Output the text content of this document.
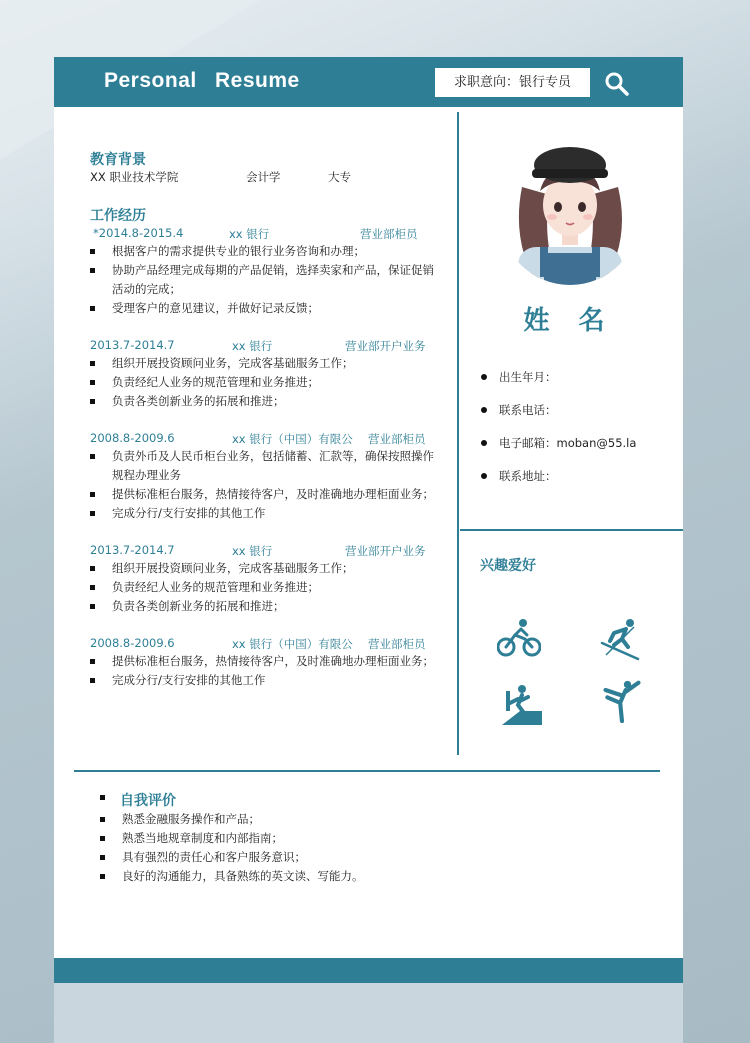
Personal Resume	求职意向：银行专员
教育背景
XX 职业技术学院	会计学	大专
工作经历
*2014.8-2015.4	xx 银行	营业部柜员
根据客户的需求提供专业的银行业务咨询和办理；
协助产品经理完成每期的产品促销，选择卖家和产品，保证促销活动的完成；
受理客户的意见建议，并做好记录反馈；
2013.7-2014.7	xx 银行	营业部开户业务
组织开展投资顾问业务，完成客基础服务工作；
负责经纪人业务的规范管理和业务推进；
负责各类创新业务的拓展和推进；
2008.8-2009.6	xx 银行（中国）有限公 营业部柜员
负责外币及人民币柜台业务，包括储蓄、汇款等，确保按照操作规程办理业务
提供标准柜台服务，热情接待客户，及时准确地办理柜面业务；
完成分行/支行安排的其他工作
2013.7-2014.7	xx 银行	营业部开户业务
组织开展投资顾问业务，完成客基础服务工作；
负责经纪人业务的规范管理和业务推进；
负责各类创新业务的拓展和推进；
2008.8-2009.6	xx 银行（中国）有限公 营业部柜员
提供标准柜台服务，热情接待客户，及时准确地办理柜面业务；
完成分行/支行安排的其他工作
姓 名
出生年月：
联系电话：
电子邮箱：moban@55.la
联系地址：
兴趣爱好
自我评价
熟悉金融服务操作和产品；
熟悉当地规章制度和内部指南；
具有强烈的责任心和客户服务意识；
良好的沟通能力，具备熟练的英文读、写能力。
